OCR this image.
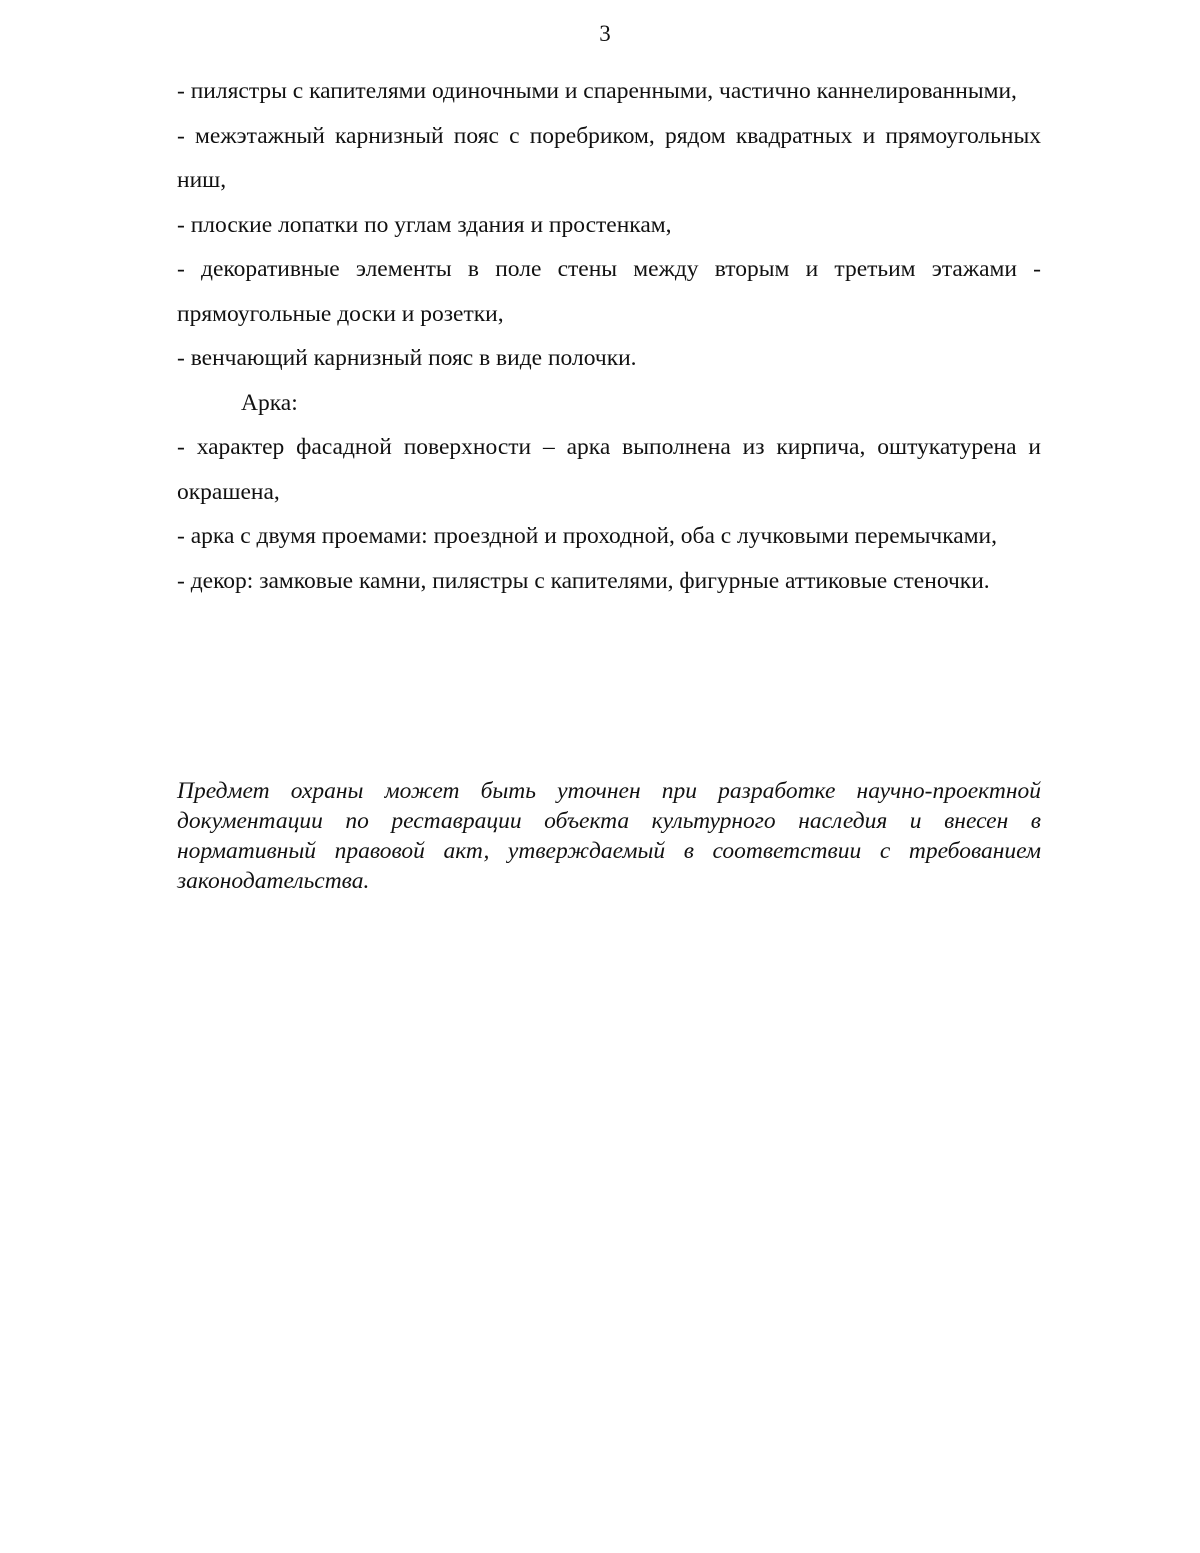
3

- пилястры с капителями одиночными и спаренными, частично каннелированными,

- межэтажный карнизный пояс с поребриком, рядом квадратных и прямоугольных ниш,

- плоские лопатки по углам здания и простенкам,

- декоративные элементы в поле стены между вторым и третьим этажами - прямоугольные доски и розетки,

- венчающий карнизный пояс в виде полочки.

Арка:

- характер фасадной поверхности – арка выполнена из кирпича, оштукатурена и окрашена,

- арка с двумя проемами: проездной и проходной, оба с лучковыми перемычками,

- декор: замковые камни, пилястры с капителями, фигурные аттиковые стеночки.

Предмет охраны может быть уточнен при разработке научно-проектной документации по реставрации объекта культурного наследия и внесен в нормативный правовой акт, утверждаемый в соответствии с требованием законодательства.
